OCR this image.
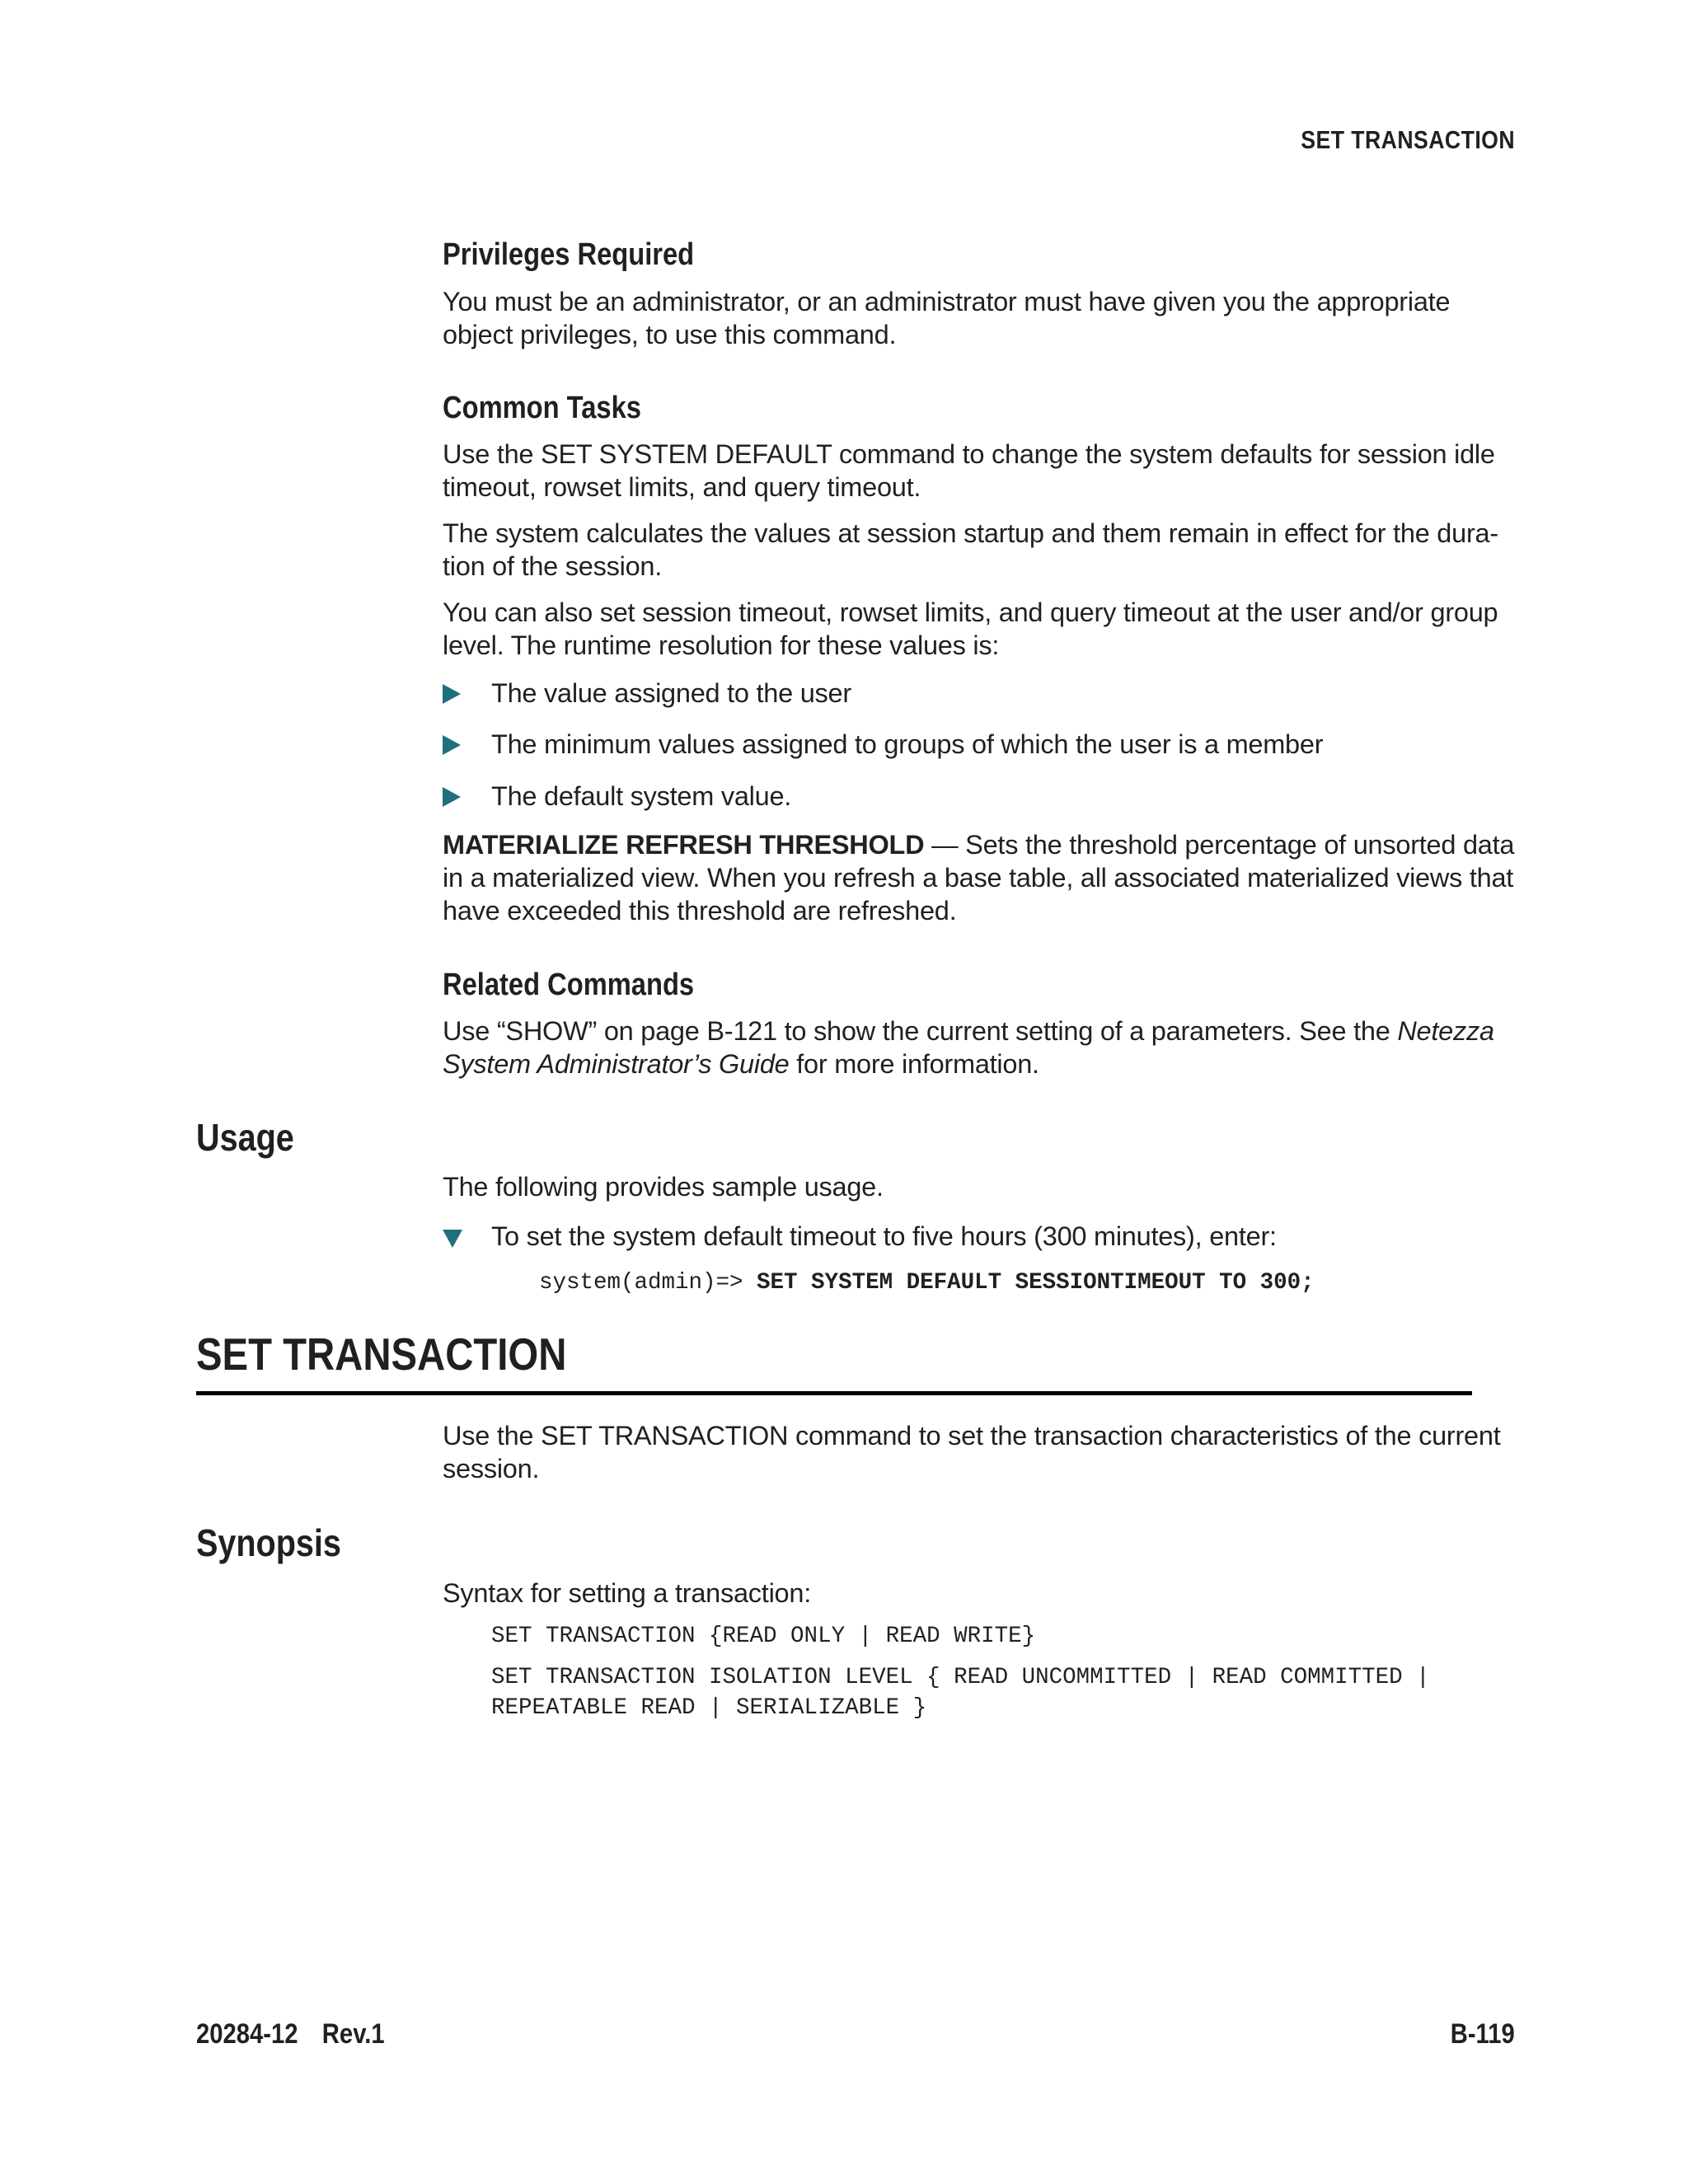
SET TRANSACTION
Privileges Required
You must be an administrator, or an administrator must have given you the appropriate
object privileges, to use this command.
Common Tasks
Use the SET SYSTEM DEFAULT command to change the system defaults for session idle
timeout, rowset limits, and query timeout.
The system calculates the values at session startup and them remain in effect for the dura-
tion of the session.
You can also set session timeout, rowset limits, and query timeout at the user and/or group
level. The runtime resolution for these values is:
The value assigned to the user
The minimum values assigned to groups of which the user is a member
The default system value.
MATERIALIZE REFRESH THRESHOLD — Sets the threshold percentage of unsorted data
in a materialized view. When you refresh a base table, all associated materialized views that
have exceeded this threshold are refreshed.
Related Commands
Use “SHOW” on page B-121 to show the current setting of a parameters. See the Netezza
System Administrator’s Guide for more information.
Usage
The following provides sample usage.
To set the system default timeout to five hours (300 minutes), enter:
system(admin)=> SET SYSTEM DEFAULT SESSIONTIMEOUT TO 300;
SET TRANSACTION
Use the SET TRANSACTION command to set the transaction characteristics of the current
session.
Synopsis
Syntax for setting a transaction:
SET TRANSACTION {READ ONLY | READ WRITE}
SET TRANSACTION ISOLATION LEVEL { READ UNCOMMITTED | READ COMMITTED |
REPEATABLE READ | SERIALIZABLE }
20284-12 Rev.1	B-119
